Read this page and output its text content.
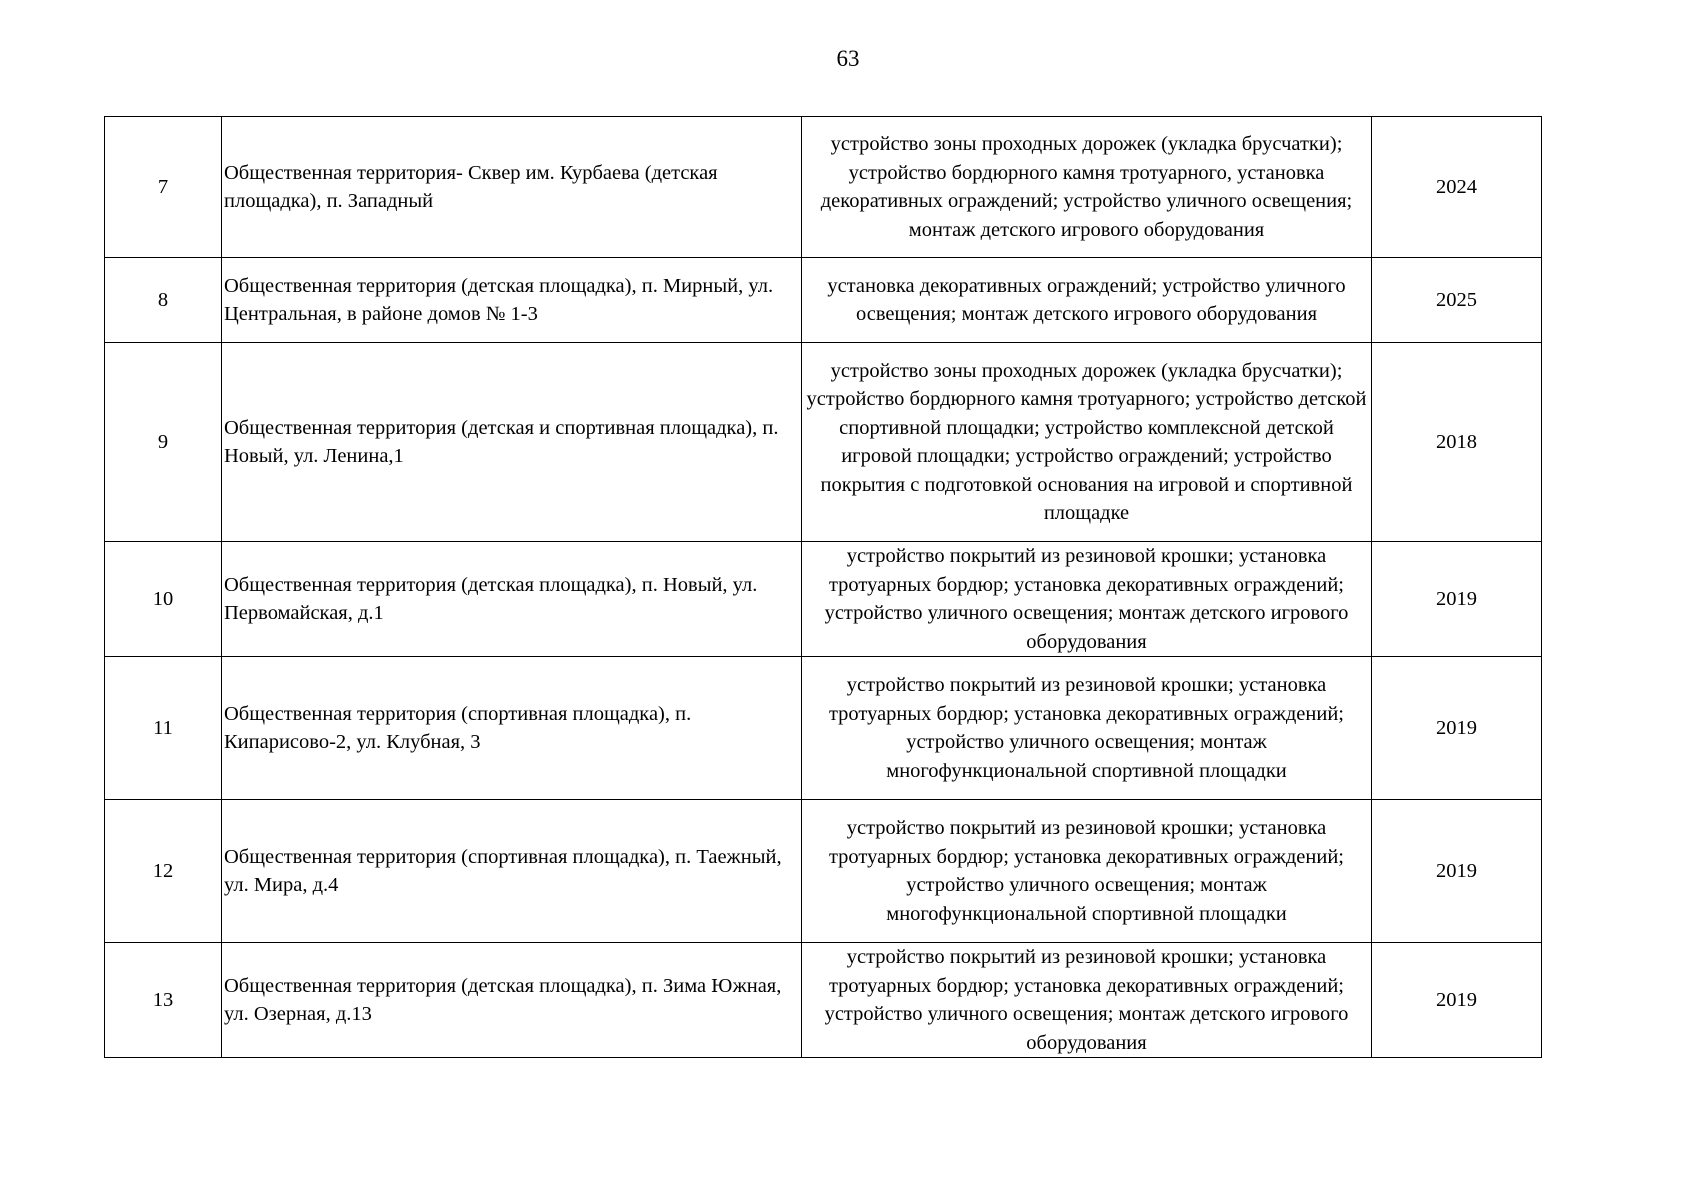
63
7	Общественная территория- Сквер им. Курбаева (детская площадка), п. Западный	устройство зоны проходных дорожек (укладка брусчатки); устройство бордюрного камня тротуарного, установка декоративных ограждений; устройство уличного освещения; монтаж детского игрового оборудования	2024
8	Общественная территория (детская площадка), п. Мирный, ул. Центральная, в районе домов № 1-3	установка декоративных ограждений; устройство уличного освещения; монтаж детского игрового оборудования	2025
9	Общественная территория (детская и спортивная площадка), п. Новый, ул. Ленина,1	устройство зоны проходных дорожек (укладка брусчатки); устройство бордюрного камня тротуарного; устройство детской спортивной площадки; устройство комплексной детской игровой площадки; устройство ограждений; устройство покрытия с подготовкой основания на игровой и спортивной площадке	2018
10	Общественная территория (детская площадка), п. Новый, ул. Первомайская, д.1	устройство покрытий из резиновой крошки; установка тротуарных бордюр; установка декоративных ограждений; устройство уличного освещения; монтаж детского игрового оборудования	2019
11	Общественная территория (спортивная площадка), п. Кипарисово-2, ул. Клубная, 3	устройство покрытий из резиновой крошки; установка тротуарных бордюр; установка декоративных ограждений; устройство уличного освещения; монтаж многофункциональной спортивной площадки	2019
12	Общественная территория (спортивная площадка), п. Таежный, ул. Мира, д.4	устройство покрытий из резиновой крошки; установка тротуарных бордюр; установка декоративных ограждений; устройство уличного освещения; монтаж многофункциональной спортивной площадки	2019
13	Общественная территория (детская площадка), п. Зима Южная, ул. Озерная, д.13	устройство покрытий из резиновой крошки; установка тротуарных бордюр; установка декоративных ограждений; устройство уличного освещения; монтаж детского игрового оборудования	2019
